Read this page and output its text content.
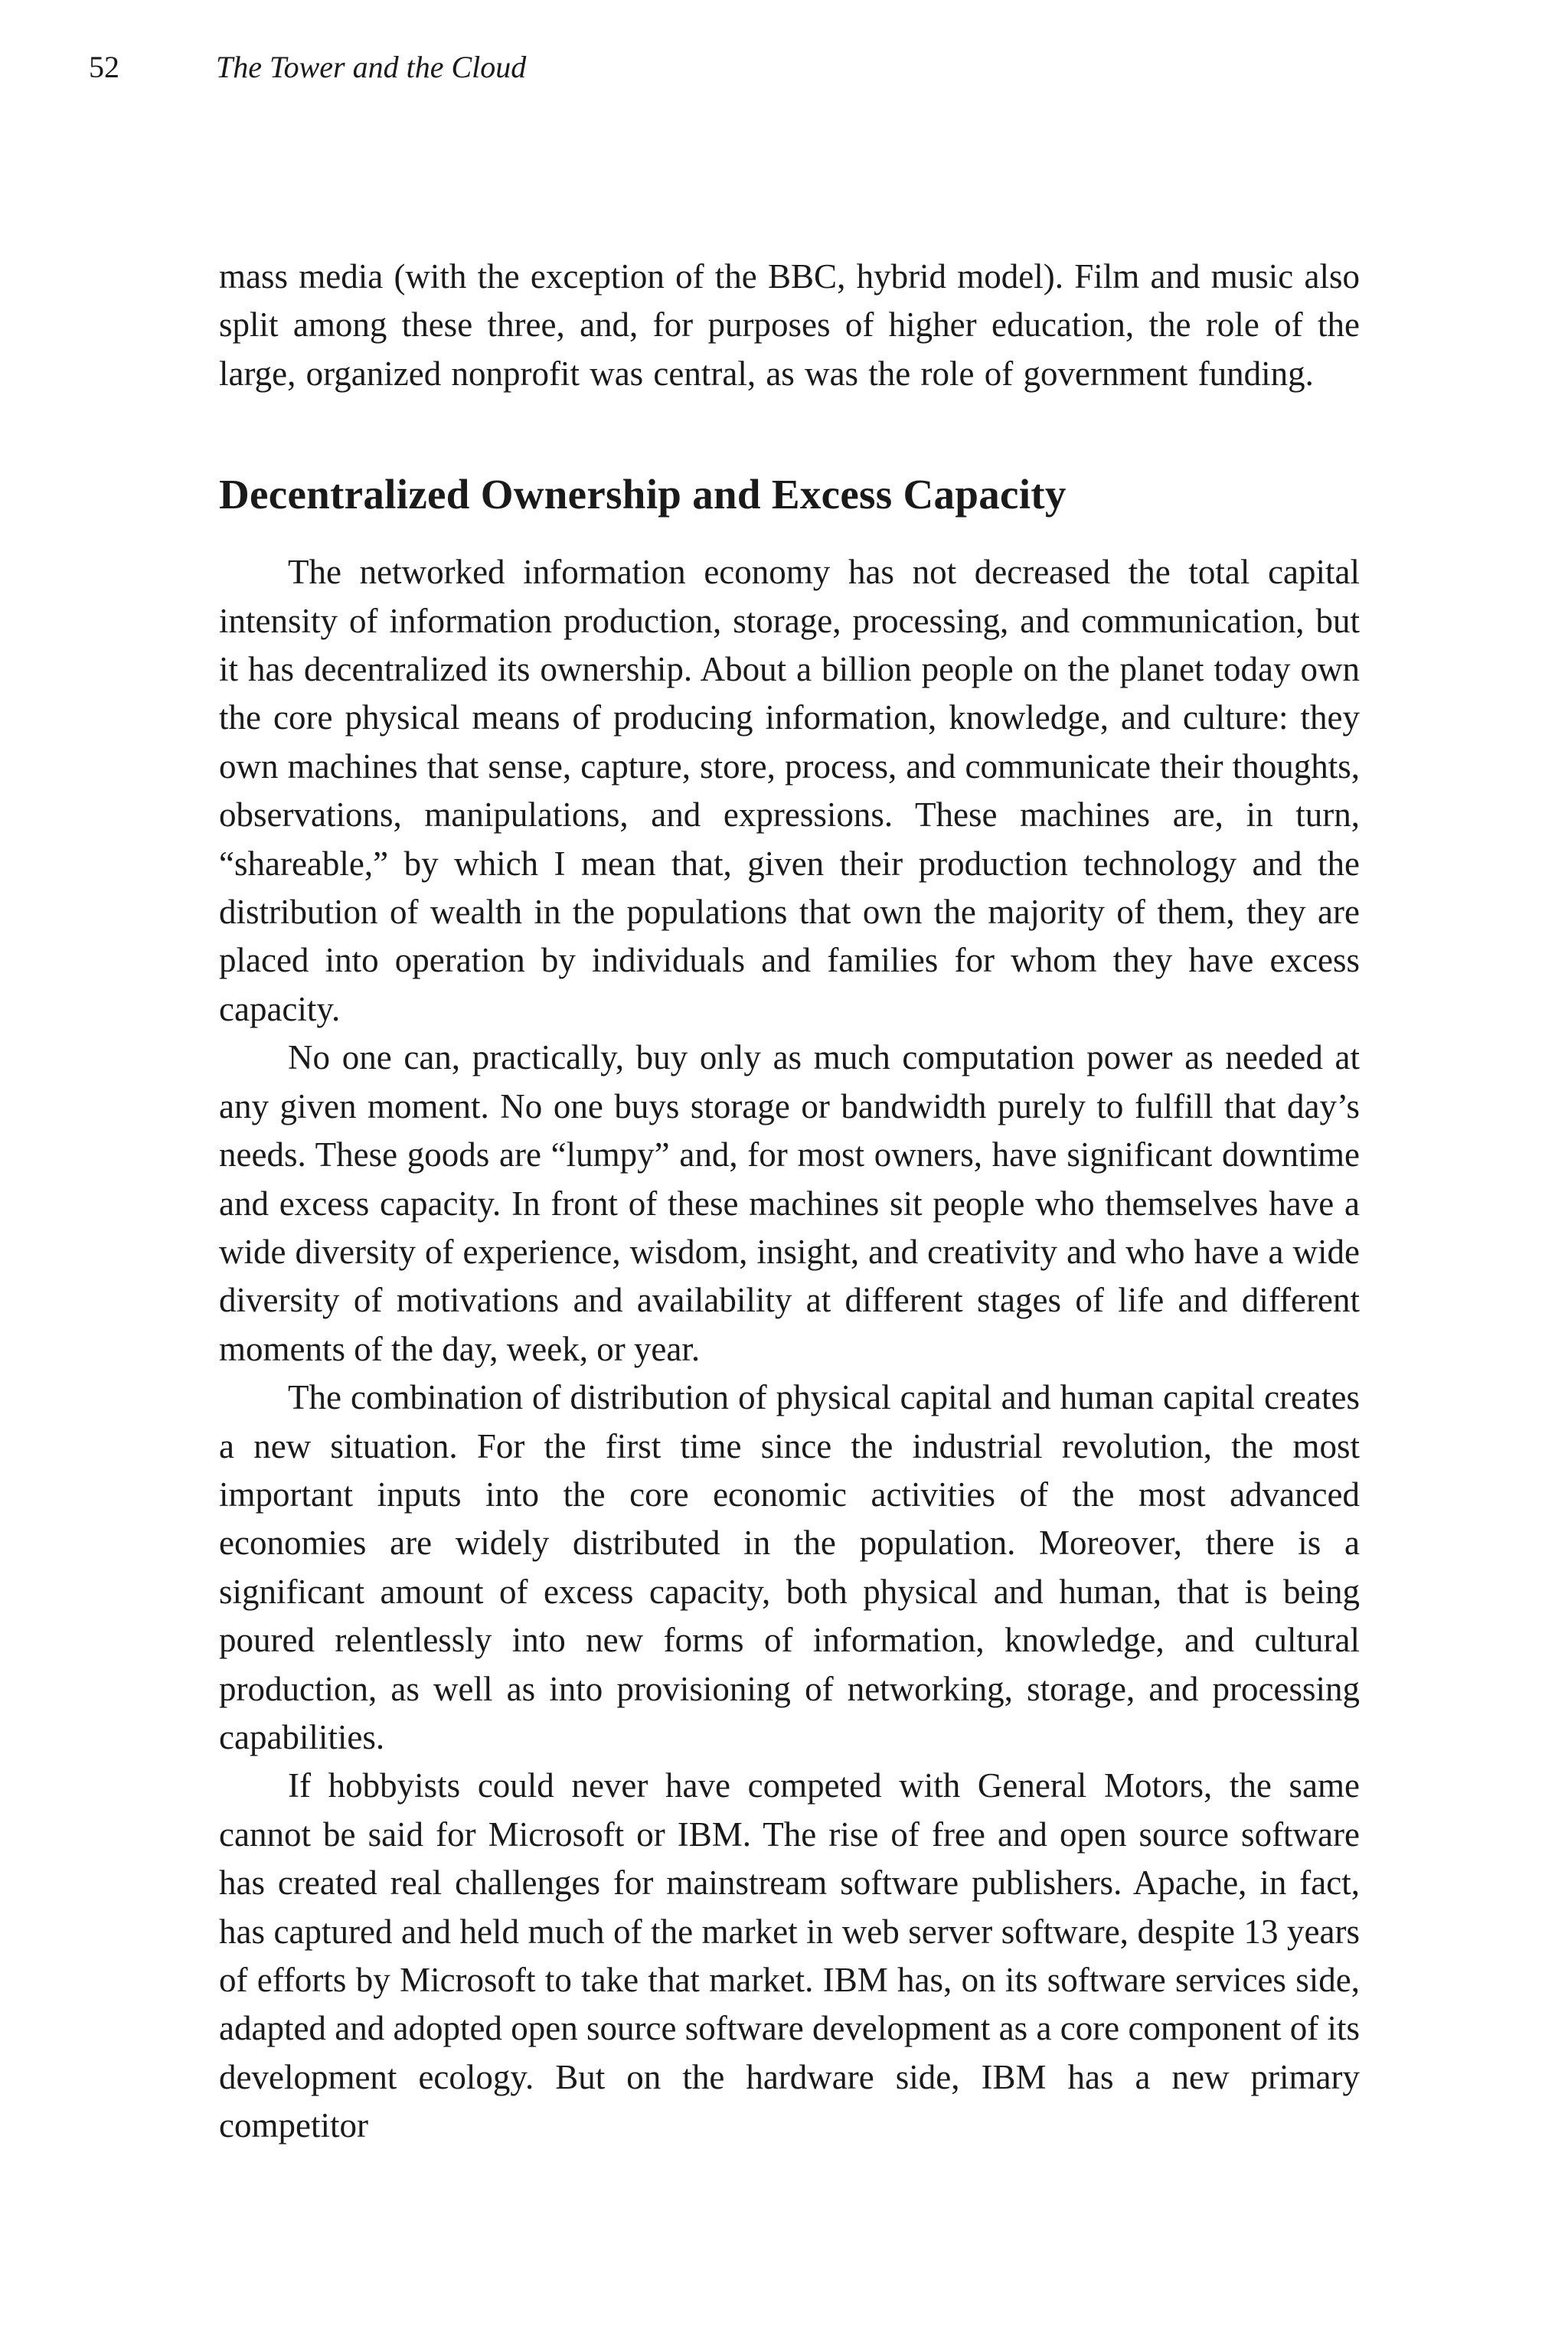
52	The Tower and the Cloud

mass media (with the exception of the BBC, hybrid model). Film and music also split among these three, and, for purposes of higher education, the role of the large, organized nonprofit was central, as was the role of government funding.

Decentralized Ownership and Excess Capacity

The networked information economy has not decreased the total capital intensity of information production, storage, processing, and communication, but it has decentralized its ownership. About a billion people on the planet today own the core physical means of producing information, knowledge, and culture: they own machines that sense, capture, store, process, and communicate their thoughts, observations, manipulations, and expressions. These machines are, in turn, “shareable,” by which I mean that, given their production technology and the distribution of wealth in the populations that own the majority of them, they are placed into operation by individuals and families for whom they have excess capacity.

No one can, practically, buy only as much computation power as needed at any given moment. No one buys storage or bandwidth purely to fulfill that day’s needs. These goods are “lumpy” and, for most owners, have significant downtime and excess capacity. In front of these machines sit people who themselves have a wide diversity of experience, wisdom, insight, and creativity and who have a wide diversity of motivations and availability at different stages of life and different moments of the day, week, or year.

The combination of distribution of physical capital and human capital creates a new situation. For the first time since the industrial revolution, the most important inputs into the core economic activities of the most advanced economies are widely distributed in the population. Moreover, there is a significant amount of excess capacity, both physical and human, that is being poured relentlessly into new forms of information, knowledge, and cultural production, as well as into provisioning of networking, storage, and processing capabilities.

If hobbyists could never have competed with General Motors, the same cannot be said for Microsoft or IBM. The rise of free and open source software has created real challenges for mainstream software publishers. Apache, in fact, has captured and held much of the market in web server software, despite 13 years of efforts by Microsoft to take that market. IBM has, on its software services side, adapted and adopted open source software development as a core component of its development ecology. But on the hardware side, IBM has a new primary competitor
